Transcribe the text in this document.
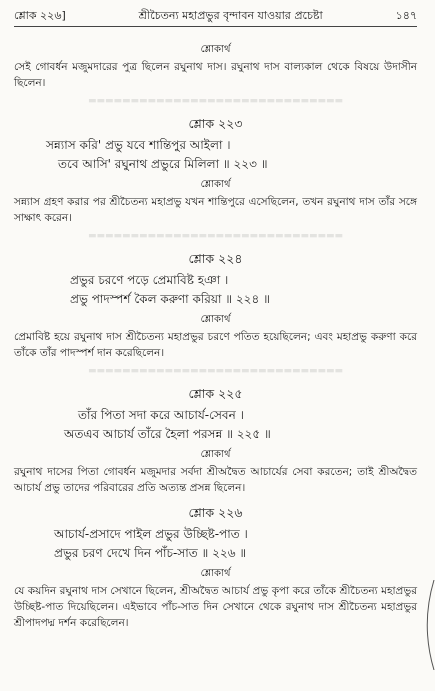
শ্লোক ২২৬]	শ্রীচৈতন্য মহাপ্রভুর বৃন্দাবন যাওয়ার প্রচেষ্টা	১৪৭
শ্লোকার্থ

সেই গোবর্ধন মজুমদারের পুত্র ছিলেন রঘুনাথ দাস। রঘুনাথ দাস বাল্যকাল থেকে বিষয়ে উদাসীন ছিলেন।

▬▬▬▬▬▬▬▬▬▬▬▬▬▬▬▬▬▬▬▬▬▬▬▬▬▬▬▬▬▬
শ্লোক ২২৩
সন্ন্যাস করি' প্রভু যবে শান্তিপুর আইলা ।
তবে আসি' রঘুনাথ প্রভুরে মিলিলা ॥ ২২৩ ॥
শ্লোকার্থ

সন্ন্যাস গ্রহণ করার পর শ্রীচৈতন্য মহাপ্রভু যখন শান্তিপুরে এসেছিলেন, তখন রঘুনাথ দাস তাঁর সঙ্গে সাক্ষাৎ করেন।

▬▬▬▬▬▬▬▬▬▬▬▬▬▬▬▬▬▬▬▬▬▬▬▬▬▬▬▬▬▬
শ্লোক ২২৪
প্রভুর চরণে পড়ে প্রেমাবিষ্ট হঞা ।
প্রভু পাদস্পর্শ কৈল করুণা করিয়া ॥ ২২৪ ॥
শ্লোকার্থ

প্রেমাবিষ্ট হয়ে রঘুনাথ দাস শ্রীচৈতন্য মহাপ্রভুর চরণে পতিত হয়েছিলেন; এবং মহাপ্রভু করুণা করে তাঁকে তাঁর পাদস্পর্শ দান করেছিলেন।

▬▬▬▬▬▬▬▬▬▬▬▬▬▬▬▬▬▬▬▬▬▬▬▬▬▬▬▬▬▬
শ্লোক ২২৫
তাঁর পিতা সদা করে আচার্য-সেবন ।
অতএব আচার্য তাঁরে হৈলা পরসন্ন ॥ ২২৫ ॥
শ্লোকার্থ

রঘুনাথ দাসের পিতা গোবর্ধন মজুমদার সর্বদা শ্রীঅদ্বৈত আচার্যের সেবা করতেন; তাই শ্রীঅদ্বৈত আচার্য প্রভু তাদের পরিবারের প্রতি অত্যন্ত প্রসন্ন ছিলেন।

শ্লোক ২২৬
আচার্য-প্রসাদে পাইল প্রভুর উচ্ছিষ্ট-পাত ।
প্রভুর চরণ দেখে দিন পাঁচ-সাত ॥ ২২৬ ॥
শ্লোকার্থ

যে কয়দিন রঘুনাথ দাস সেখানে ছিলেন, শ্রীঅদ্বৈত আচার্য প্রভু কৃপা করে তাঁকে শ্রীচৈতন্য মহাপ্রভুর উচ্ছিষ্ট-পাত দিয়েছিলেন। এইভাবে পাঁচ-সাত দিন সেখানে থেকে রঘুনাথ দাস শ্রীচৈতন্য মহাপ্রভুর শ্রীপাদপদ্ম দর্শন করেছিলেন।
